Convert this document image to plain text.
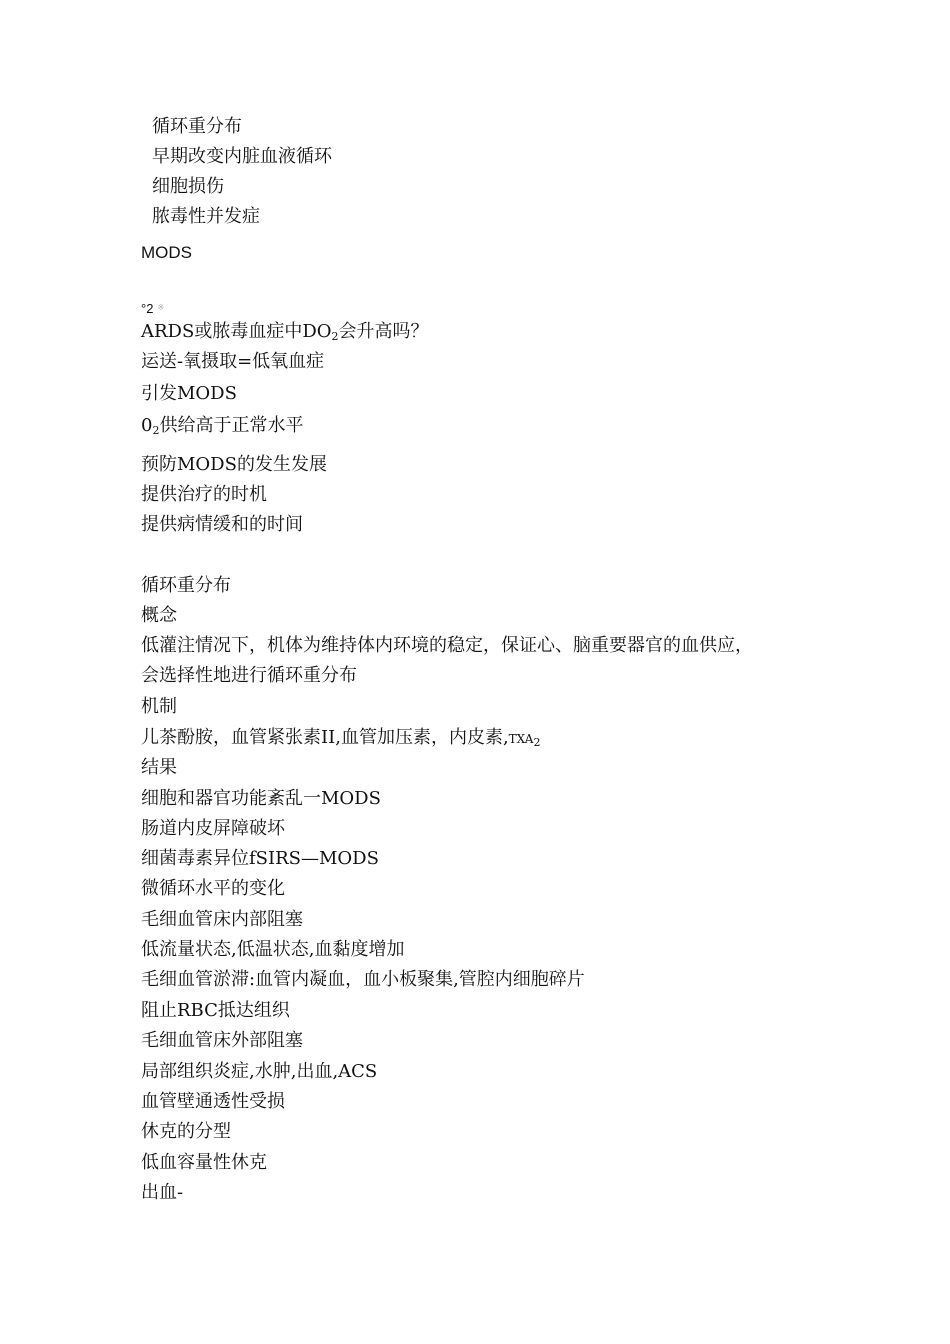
循环重分布
早期改变内脏血液循环
细胞损伤
脓毒性并发症
MODS
°2 ※
ARDS或脓毒血症中$DO_2$会升高吗？
运送-氧摄取=低氧血症
引发MODS
$0_2$供给高于正常水平
预防MODS的发生发展
提供治疗的时机
提供病情缓和的时间
循环重分布
概念
低灌注情况下，机体为维持体内环境的稳定，保证心、脑重要器官的血供应，
会选择性地进行循环重分布
机制
儿茶酚胺，血管紧张素II,血管加压素，内皮素$,TXA_2$
结果
细胞和器官功能紊乱一MODS
肠道内皮屏障破坏
细菌毒素异位fSIRS—MODS
微循环水平的变化
毛细血管床内部阻塞
低流量状态,低温状态,血黏度增加
毛细血管淤滞:血管内凝血，血小板聚集,管腔内细胞碎片
阻止RBC抵达组织
毛细血管床外部阻塞
局部组织炎症,水肿,出血,ACS
血管壁通透性受损
休克的分型
低血容量性休克
出血-
